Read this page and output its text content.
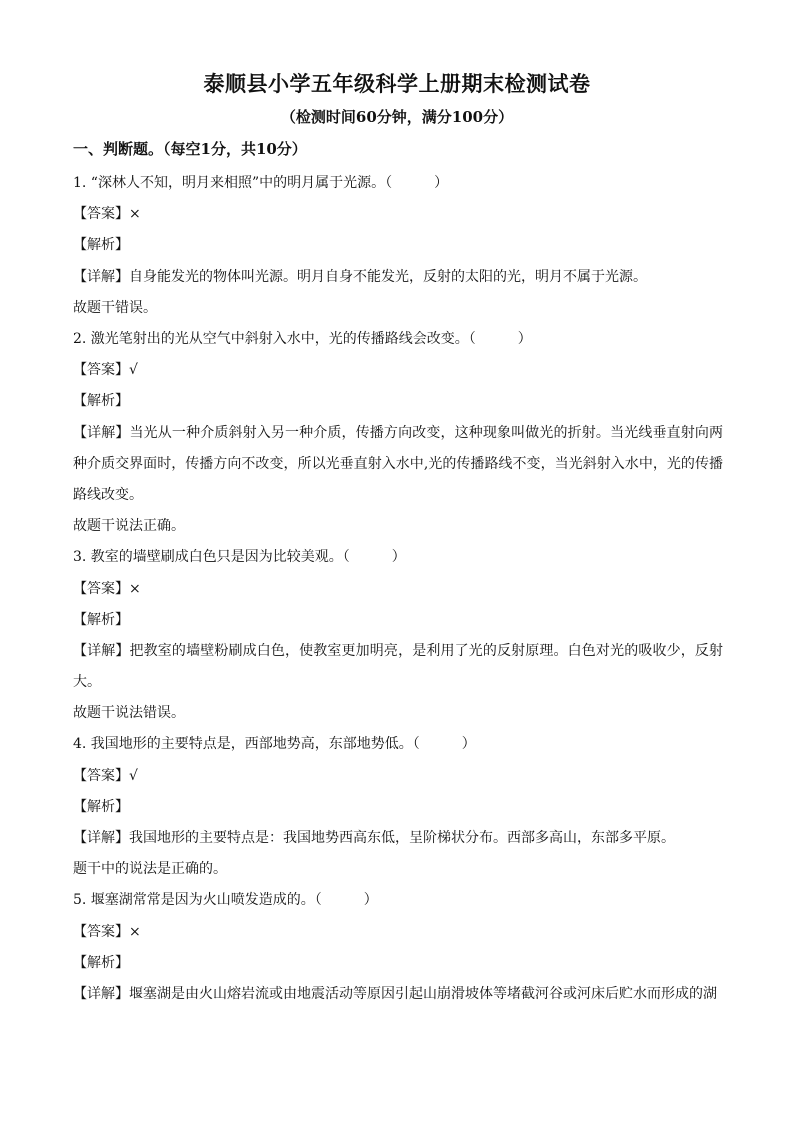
泰顺县小学五年级科学上册期末检测试卷
（检测时间60分钟，满分100分）
一、判断题。（每空1分，共10分）
1. “深林人不知，明月来相照”中的明月属于光源。（　　　）
【答案】×
【解析】
【详解】自身能发光的物体叫光源。明月自身不能发光，反射的太阳的光，明月不属于光源。
故题干错误。
2. 激光笔射出的光从空气中斜射入水中，光的传播路线会改变。（　　　）
【答案】√
【解析】
【详解】当光从一种介质斜射入另一种介质，传播方向改变，这种现象叫做光的折射。当光线垂直射向两种介质交界面时，传播方向不改变，所以光垂直射入水中,光的传播路线不变，当光斜射入水中，光的传播路线改变。
故题干说法正确。
3. 教室的墙壁刷成白色只是因为比较美观。（　　　）
【答案】×
【解析】
【详解】把教室的墙壁粉刷成白色，使教室更加明亮，是利用了光的反射原理。白色对光的吸收少，反射大。
故题干说法错误。
4. 我国地形的主要特点是，西部地势高，东部地势低。（　　　）
【答案】√
【解析】
【详解】我国地形的主要特点是：我国地势西高东低，呈阶梯状分布。西部多高山，东部多平原。
题干中的说法是正确的。
5. 堰塞湖常常是因为火山喷发造成的。（　　　）
【答案】×
【解析】
【详解】堰塞湖是由火山熔岩流或由地震活动等原因引起山崩滑坡体等堵截河谷或河床后贮水而形成的湖
